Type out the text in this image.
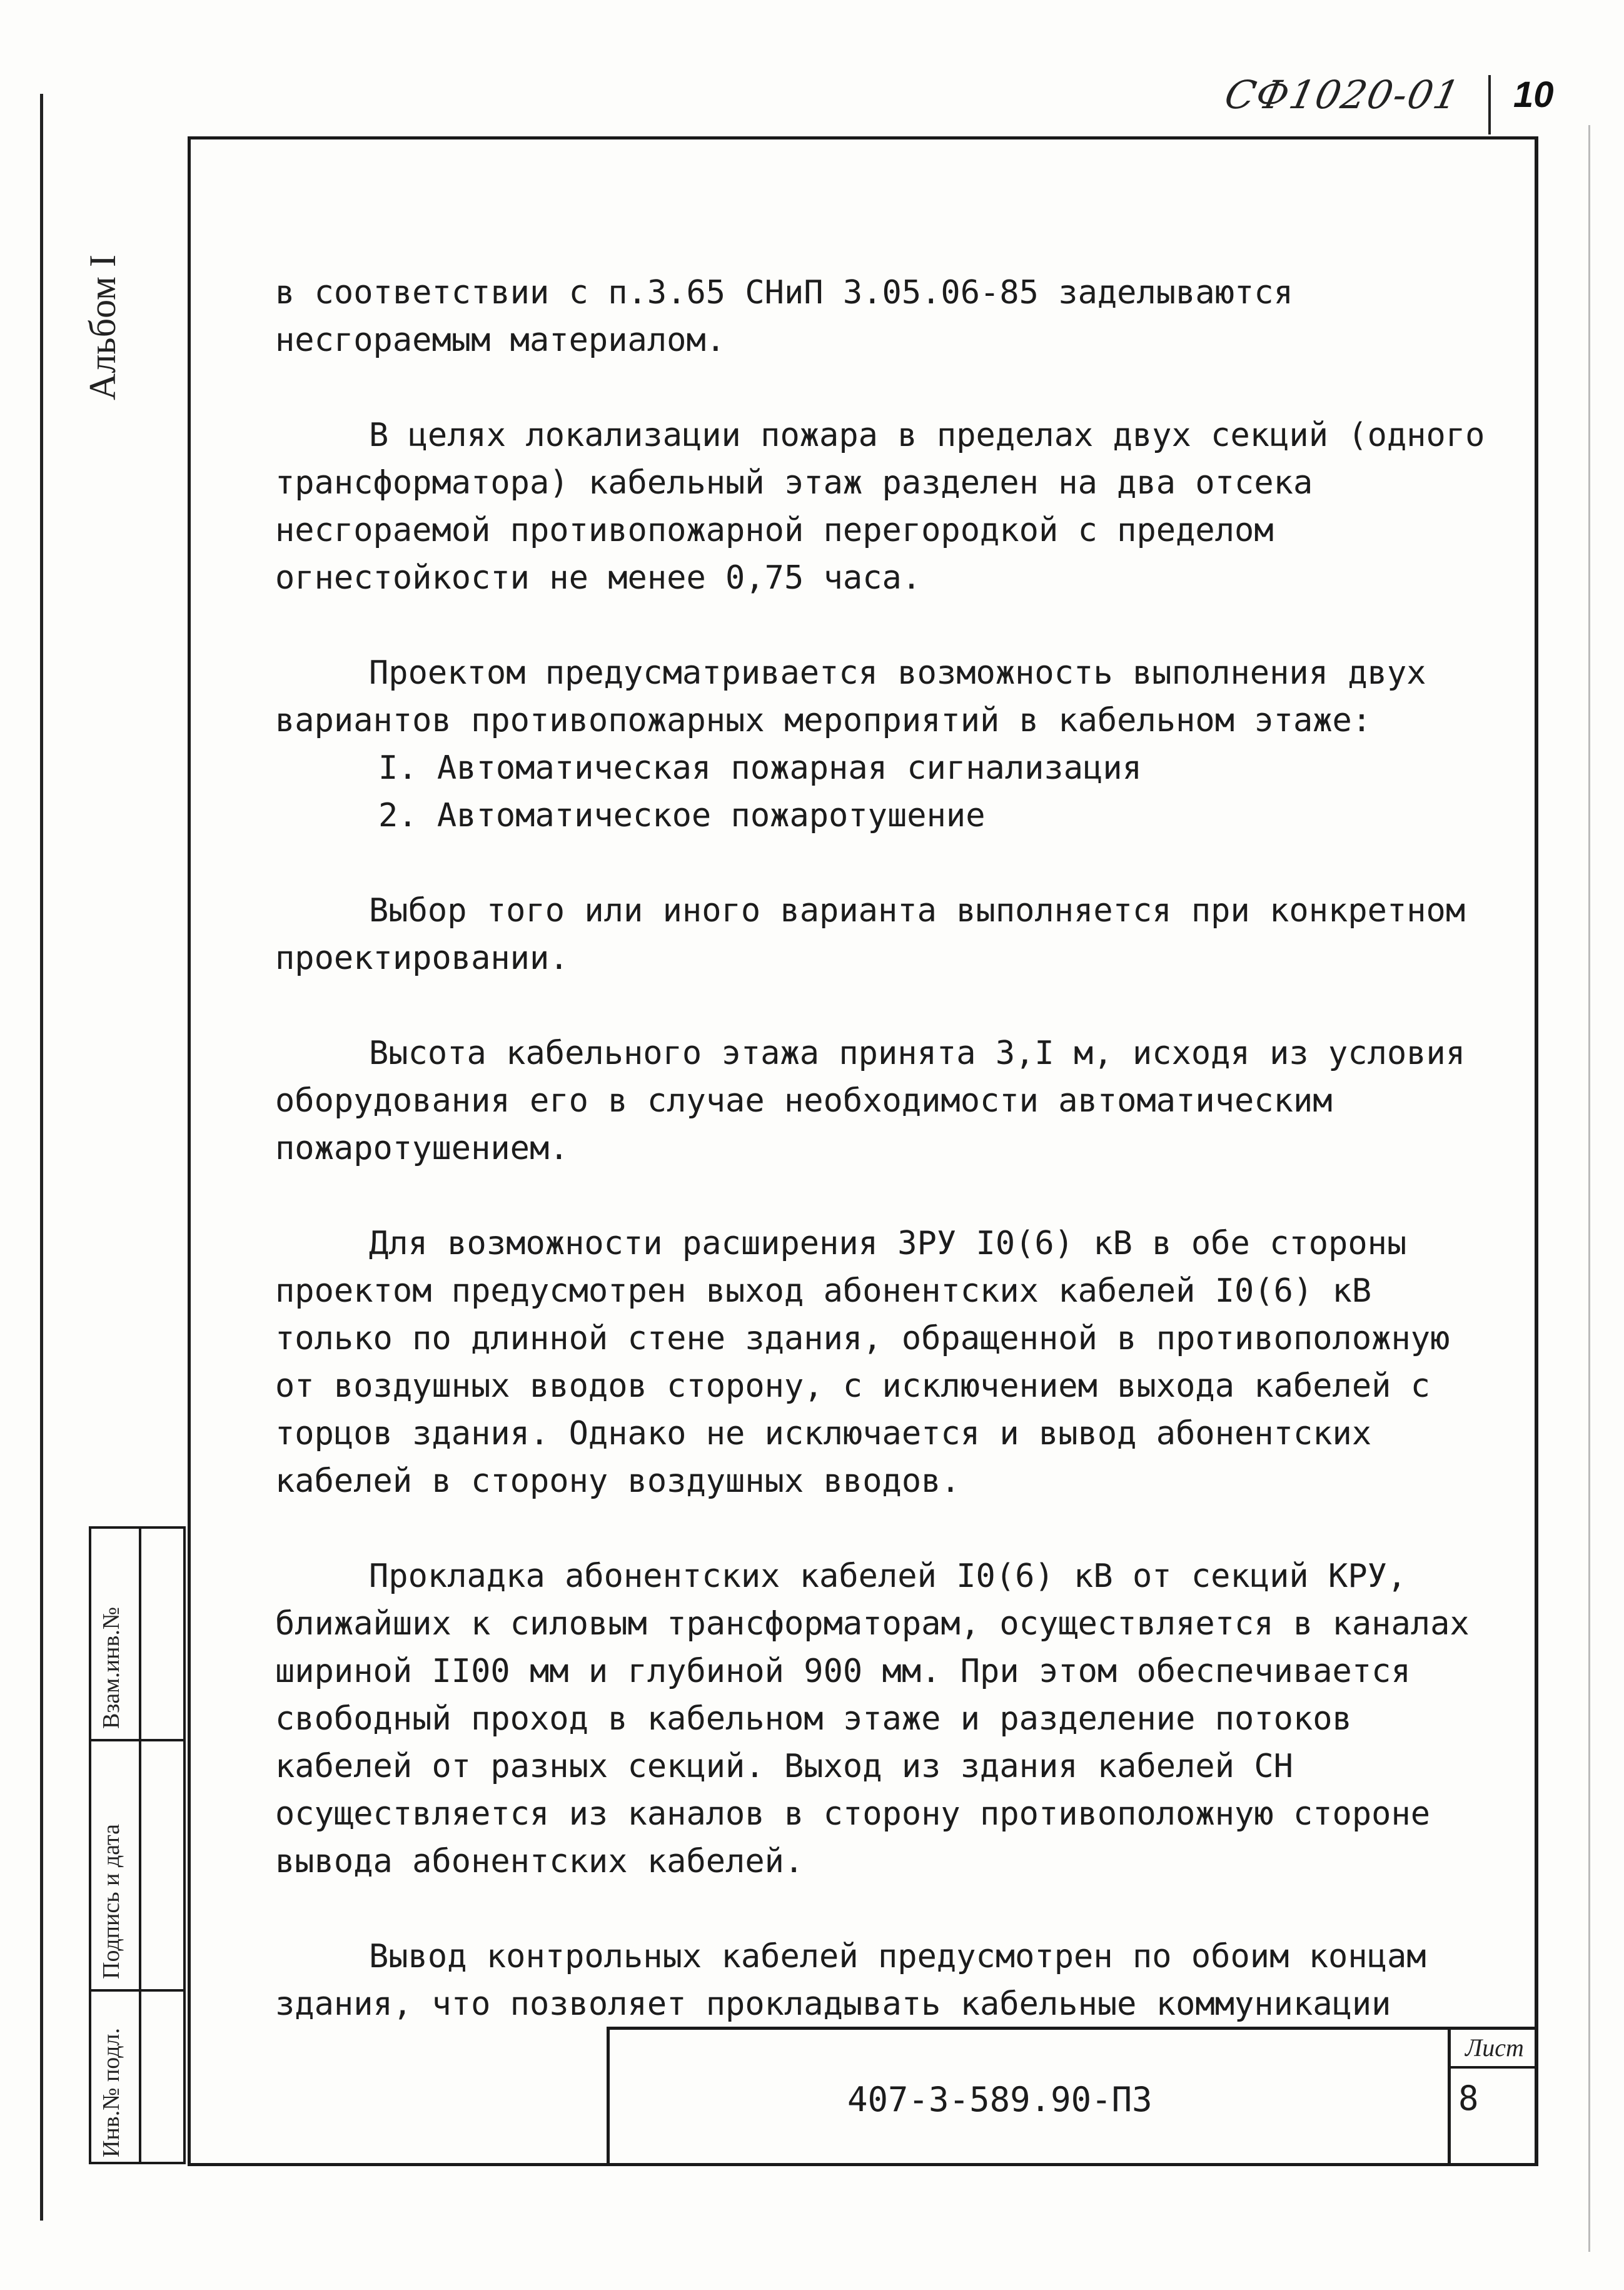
СФ1020-01 10
Альбом I
Взам.инв.№
Подпись и дата
Инв.№ подл.

в соответствии с п.3.65 СНиП 3.05.06-85 заделываются несгораемым материалом.

В целях локализации пожара в пределах двух секций (одного трансформатора) кабельный этаж разделен на два отсека несгораемой противопожарной перегородкой с пределом огнестойкости не менее 0,75 часа.

Проектом предусматривается возможность выполнения двух вариантов противопожарных мероприятий в кабельном этаже:

I. Автоматическая пожарная сигнализация

2. Автоматическое пожаротушение

Выбор того или иного варианта выполняется при конкретном проектировании.

Высота кабельного этажа принята 3,I м, исходя из условия оборудования его в случае необходимости автоматическим пожаротушением.

Для возможности расширения ЗРУ I0(6) кВ в обе стороны проектом предусмотрен выход абонентских кабелей I0(6) кВ только по длинной стене здания, обращенной в противоположную от воздушных вводов сторону, с исключением выхода кабелей с торцов здания. Однако не исключается и вывод абонентских кабелей в сторону воздушных вводов.

Прокладка абонентских кабелей I0(6) кВ от секций КРУ, ближайших к силовым трансформаторам, осуществляется в каналах шириной II00 мм и глубиной 900 мм. При этом обеспечивается свободный проход в кабельном этаже и разделение потоков кабелей от разных секций. Выход из здания кабелей СН осуществляется из каналов в сторону противоположную стороне вывода абонентских кабелей.

Вывод контрольных кабелей предусмотрен по обоим концам здания, что позволяет прокладывать кабельные коммуникации

407-3-589.90-ПЗ
Лист
8
